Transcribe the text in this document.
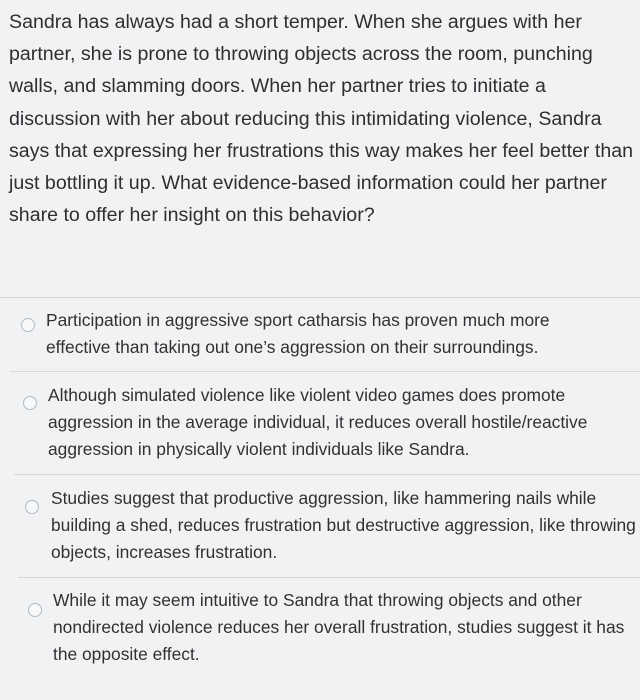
Sandra has always had a short temper. When she argues with her partner, she is prone to throwing objects across the room, punching walls, and slamming doors. When her partner tries to initiate a discussion with her about reducing this intimidating violence, Sandra says that expressing her frustrations this way makes her feel better than just bottling it up. What evidence-based information could her partner share to offer her insight on this behavior?
Participation in aggressive sport catharsis has proven much more effective than taking out one’s aggression on their surroundings.
Although simulated violence like violent video games does promote aggression in the average individual, it reduces overall hostile/reactive aggression in physically violent individuals like Sandra.
Studies suggest that productive aggression, like hammering nails while building a shed, reduces frustration but destructive aggression, like throwing objects, increases frustration.
While it may seem intuitive to Sandra that throwing objects and other nondirected violence reduces her overall frustration, studies suggest it has the opposite effect.
